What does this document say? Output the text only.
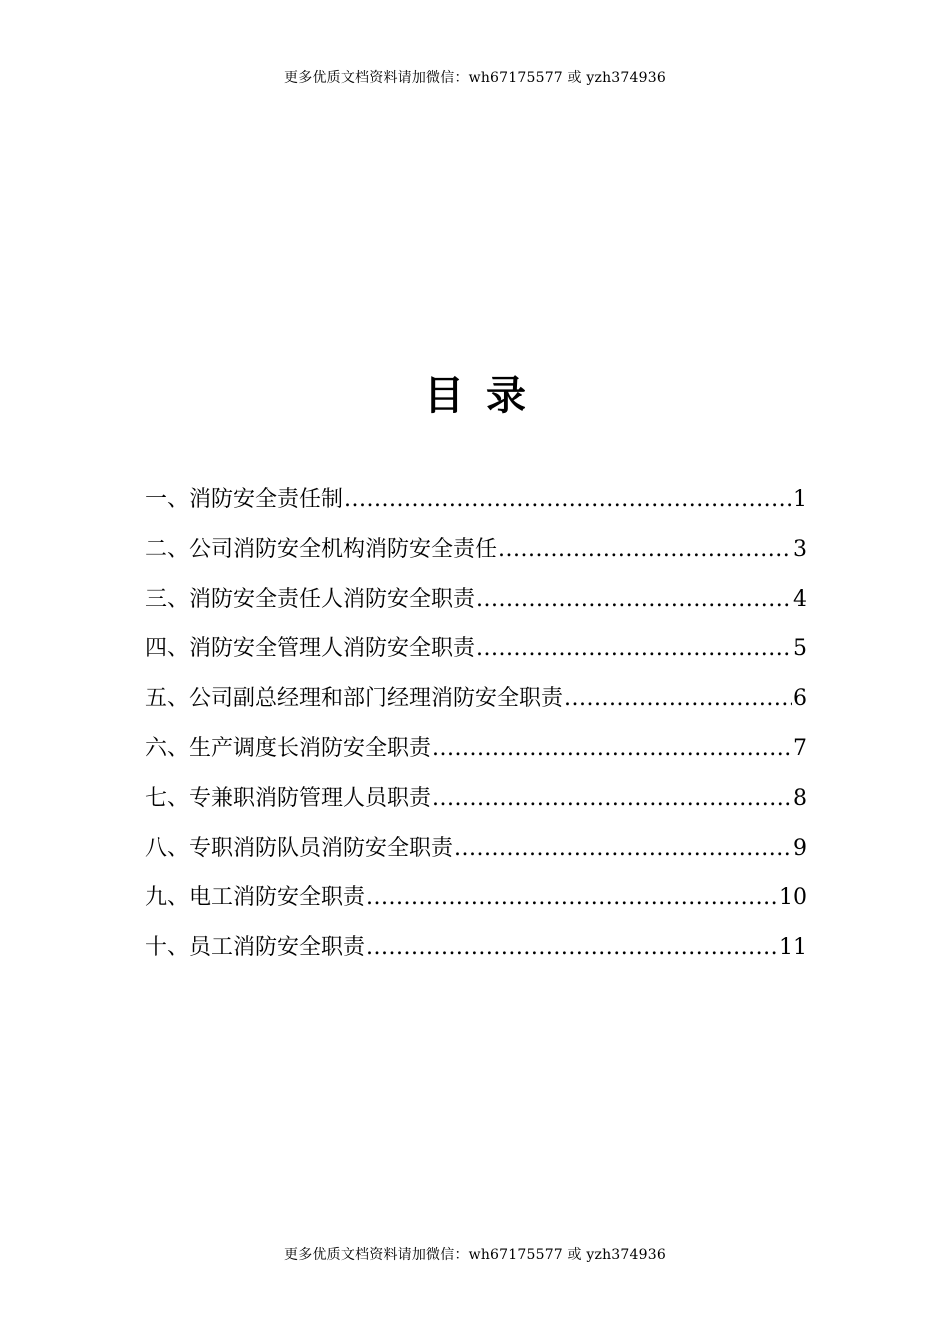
更多优质文档资料请加微信：wh67175577 或 yzh374936
目录
一、消防安全责任制 .....	1
二、公司消防安全机构消防安全责任 .....	3
三、消防安全责任人消防安全职责 .....	4
四、消防安全管理人消防安全职责 .....	5
五、公司副总经理和部门经理消防安全职责 .....	6
六、生产调度长消防安全职责 .....	7
七、专兼职消防管理人员职责 .....	8
八、专职消防队员消防安全职责 .....	9
九、电工消防安全职责 .....	10
十、员工消防安全职责 .....	11
更多优质文档资料请加微信：wh67175577 或 yzh374936
